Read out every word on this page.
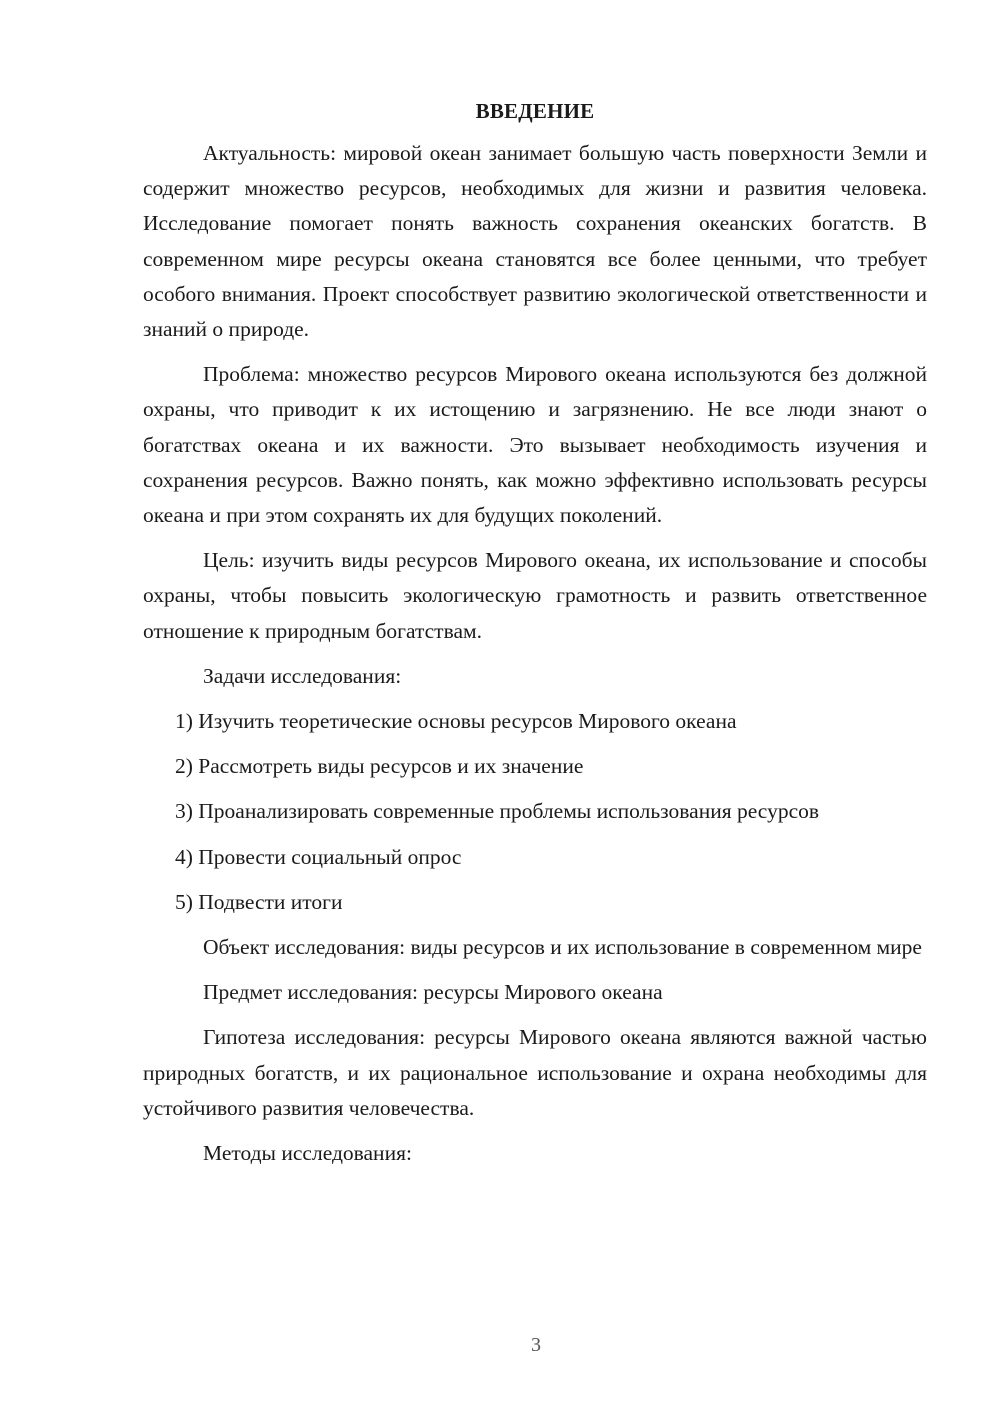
ВВЕДЕНИЕ

Актуальность: мировой океан занимает большую часть поверхности Земли и содержит множество ресурсов, необходимых для жизни и развития человека. Исследование помогает понять важность сохранения океанских богатств. В современном мире ресурсы океана становятся все более ценными, что требует особого внимания. Проект способствует развитию экологической ответственности и знаний о природе.

Проблема: множество ресурсов Мирового океана используются без должной охраны, что приводит к их истощению и загрязнению. Не все люди знают о богатствах океана и их важности. Это вызывает необходимость изучения и сохранения ресурсов. Важно понять, как можно эффективно использовать ресурсы океана и при этом сохранять их для будущих поколений.

Цель: изучить виды ресурсов Мирового океана, их использование и способы охраны, чтобы повысить экологическую грамотность и развить ответственное отношение к природным богатствам.

Задачи исследования:

1) Изучить теоретические основы ресурсов Мирового океана
2) Рассмотреть виды ресурсов и их значение
3) Проанализировать современные проблемы использования ресурсов
4) Провести социальный опрос
5) Подвести итоги

Объект исследования: виды ресурсов и их использование в современном мире

Предмет исследования: ресурсы Мирового океана

Гипотеза исследования: ресурсы Мирового океана являются важной частью природных богатств, и их рациональное использование и охрана необходимы для устойчивого развития человечества.

Методы исследования:

3
